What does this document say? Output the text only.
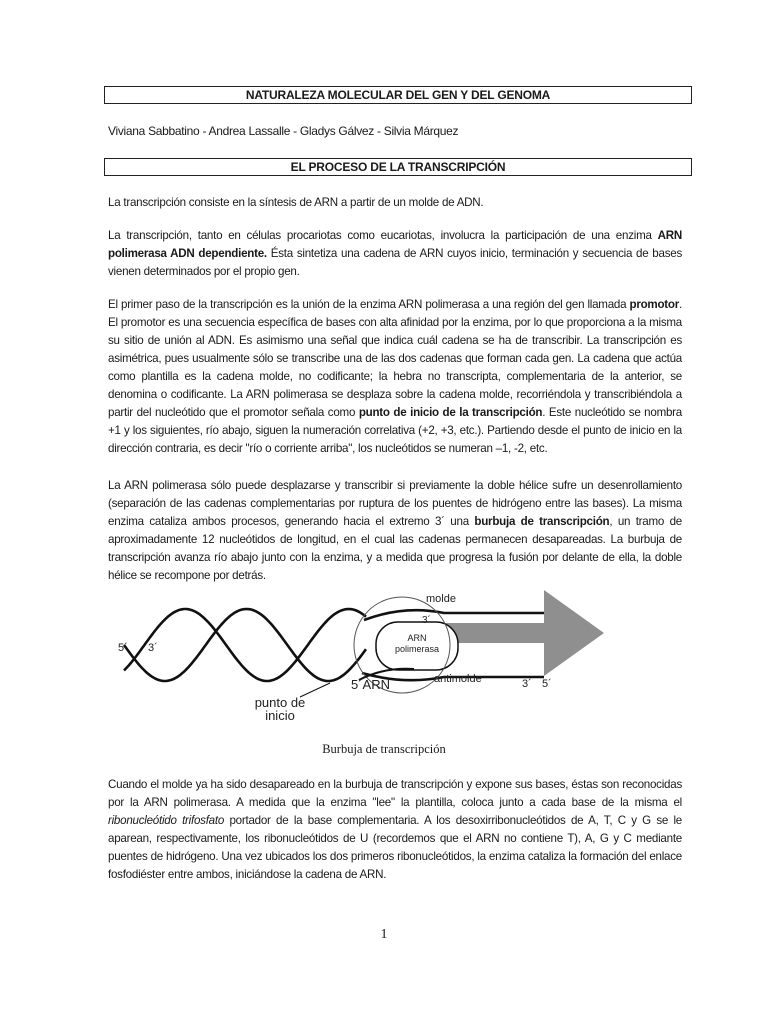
NATURALEZA MOLECULAR DEL GEN Y DEL GENOMA
Viviana Sabbatino - Andrea Lassalle - Gladys Gálvez - Silvia Márquez
EL PROCESO DE LA TRANSCRIPCIÓN

La transcripción consiste en la síntesis de ARN a partir de un molde de ADN.

La transcripción, tanto en células procariotas como eucariotas, involucra la participación de una enzima ARN polimerasa ADN dependiente. Ésta sintetiza una cadena de ARN cuyos inicio, terminación y secuencia de bases vienen determinados por el propio gen.

El primer paso de la transcripción es la unión de la enzima ARN polimerasa a una región del gen llamada promotor. El promotor es una secuencia específica de bases con alta afinidad por la enzima, por lo que proporciona a la misma su sitio de unión al ADN. Es asimismo una señal que indica cuál cadena se ha de transcribir. La transcripción es asimétrica, pues usualmente sólo se transcribe una de las dos cadenas que forman cada gen. La cadena que actúa como plantilla es la cadena molde, no codificante; la hebra no transcripta, complementaria de la anterior, se denomina o codificante. La ARN polimerasa se desplaza sobre la cadena molde, recorriéndola y transcribiéndola a partir del nucleótido que el promotor señala como punto de inicio de la transcripción. Este nucleótido se nombra +1 y los siguientes, río abajo, siguen la numeración correlativa (+2, +3, etc.). Partiendo desde el punto de inicio en la dirección contraria, es decir "río o corriente arriba", los nucleótidos se numeran –1, -2, etc.

La ARN polimerasa sólo puede desplazarse y transcribir si previamente la doble hélice sufre un desenrollamiento (separación de las cadenas complementarias por ruptura de los puentes de hidrógeno entre las bases). La misma enzima cataliza ambos procesos, generando hacia el extremo 3´ una burbuja de transcripción, un tramo de aproximadamente 12 nucleótidos de longitud, en el cual las cadenas permanecen desapareadas. La burbuja de transcripción avanza río abajo junto con la enzima, y a medida que progresa la fusión por delante de ella, la doble hélice se recompone por detrás.

molde
3´
ARN
polimerasa
5´ 3´
5´ARN	antimolde	3´ 5´
punto de
inicio
Burbuja de transcripción

Cuando el molde ya ha sido desapareado en la burbuja de transcripción y expone sus bases, éstas son reconocidas por la ARN polimerasa. A medida que la enzima "lee" la plantilla, coloca junto a cada base de la misma el ribonucleótido trifosfato portador de la base complementaria. A los desoxirribonucleótidos de A, T, C y G se le aparean, respectivamente, los ribonucleótidos de U (recordemos que el ARN no contiene T), A, G y C mediante puentes de hidrógeno. Una vez ubicados los dos primeros ribonucleótidos, la enzima cataliza la formación del enlace fosfodiéster entre ambos, iniciándose la cadena de ARN.

1
